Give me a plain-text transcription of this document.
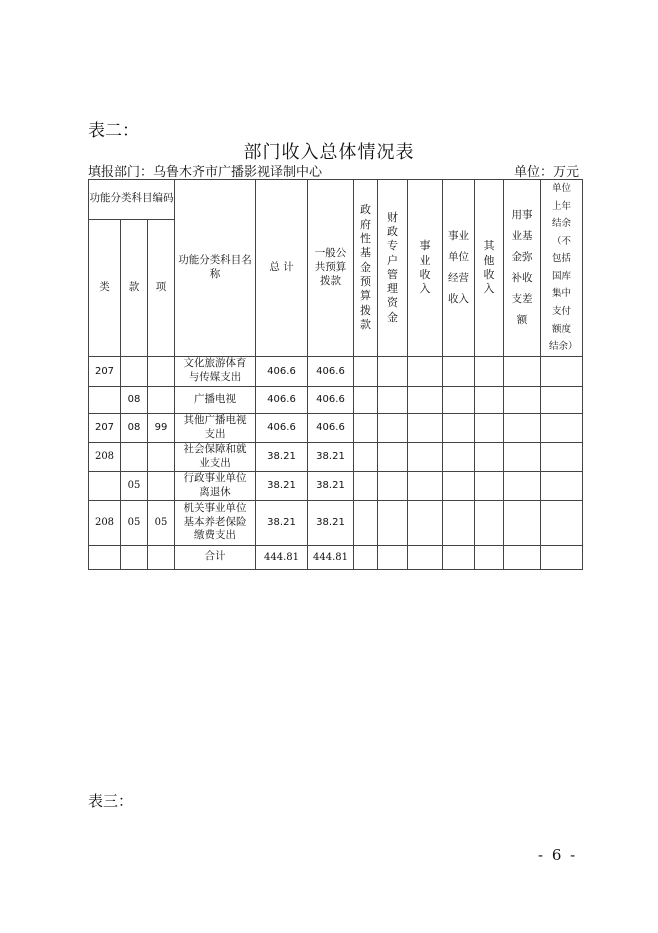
表二：
部门收入总体情况表
填报部门：乌鲁木齐市广播影视译制中心	单位：万元
功能分类科目编码			功能分类科目名称	总 计	一般公共预算拨款	政府性基金预算拨款	财政专户管理资金	事业收入	事业单位经营收入	其他收入	用事业基金弥补收支差额	单位上年结余（不包括国库集中支付额度结余）
类	款	项										
207			文化旅游体育与传媒支出	406.6	406.6							
	08		广播电视	406.6	406.6							
207	08	99	其他广播电视支出	406.6	406.6							
208			社会保障和就业支出	38.21	38.21							
	05		行政事业单位离退休	38.21	38.21							
208	05	05	机关事业单位基本养老保险缴费支出	38.21	38.21							
			合计	444.81	444.81							
表三：
- 6 -
